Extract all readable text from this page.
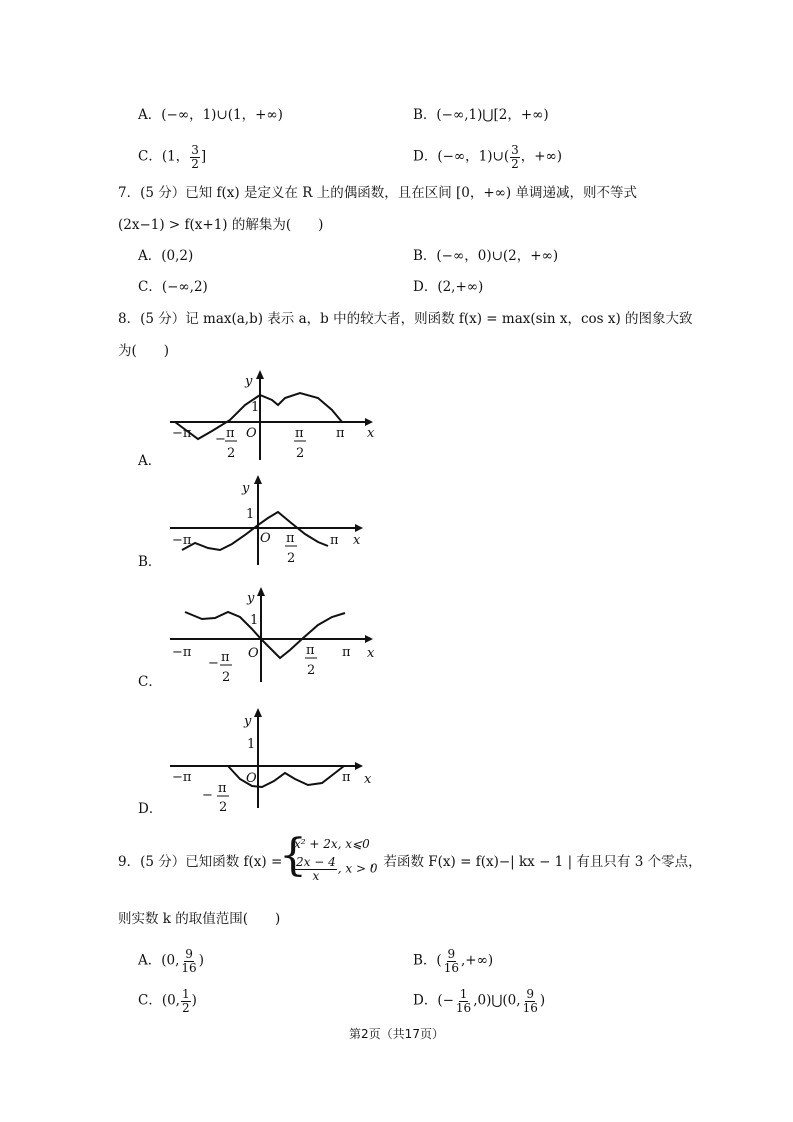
A．(−∞，1)∪(1，+∞)	B．(−∞,1)⋃[2，+∞)
C．(1， $\frac{3}{2}$ ]	D．(−∞，1)∪( $\frac{3}{2}$ ，+∞)
7．(5 分）已知 f(x) 是定义在 R 上的偶函数，且在区间 [0，+∞) 单调递减，则不等式
(2x−1) > f(x+1) 的解集为(　　)
A．(0,2)	B．(−∞，0)∪(2，+∞)
C．(−∞,2)	D．(2,+∞)
8．(5 分）记 max(a,b) 表示 a，b 中的较大者，则函数 f(x) = max(sin x，cos x) 的图象大致
为(　　)
A．
y
1
O	x
−π	π
− π
2
π
2
B．
y
1
O	x
−π	π
π
2
C．
y
1
O	x
−π	π
− π
2
π
2
D．
y
1
O	x
−π	π
− π
2
9．(5 分）已知函数 f(x) =
{
x² + 2x, x⩽0
$\frac{2x - 4}{x}$ , x > 0
，若函数 F(x) = f(x)−| kx − 1 | 有且只有 3 个零点，
则实数 k 的取值范围(　　)
A．(0, $\frac{9}{16}$ )	B．( $\frac{9}{16}$ ,+∞)
C．(0, $\frac{1}{2}$ )	D．(− $\frac{1}{16}$ ,0)⋃(0, $\frac{9}{16}$ )
第2页（共17页）
